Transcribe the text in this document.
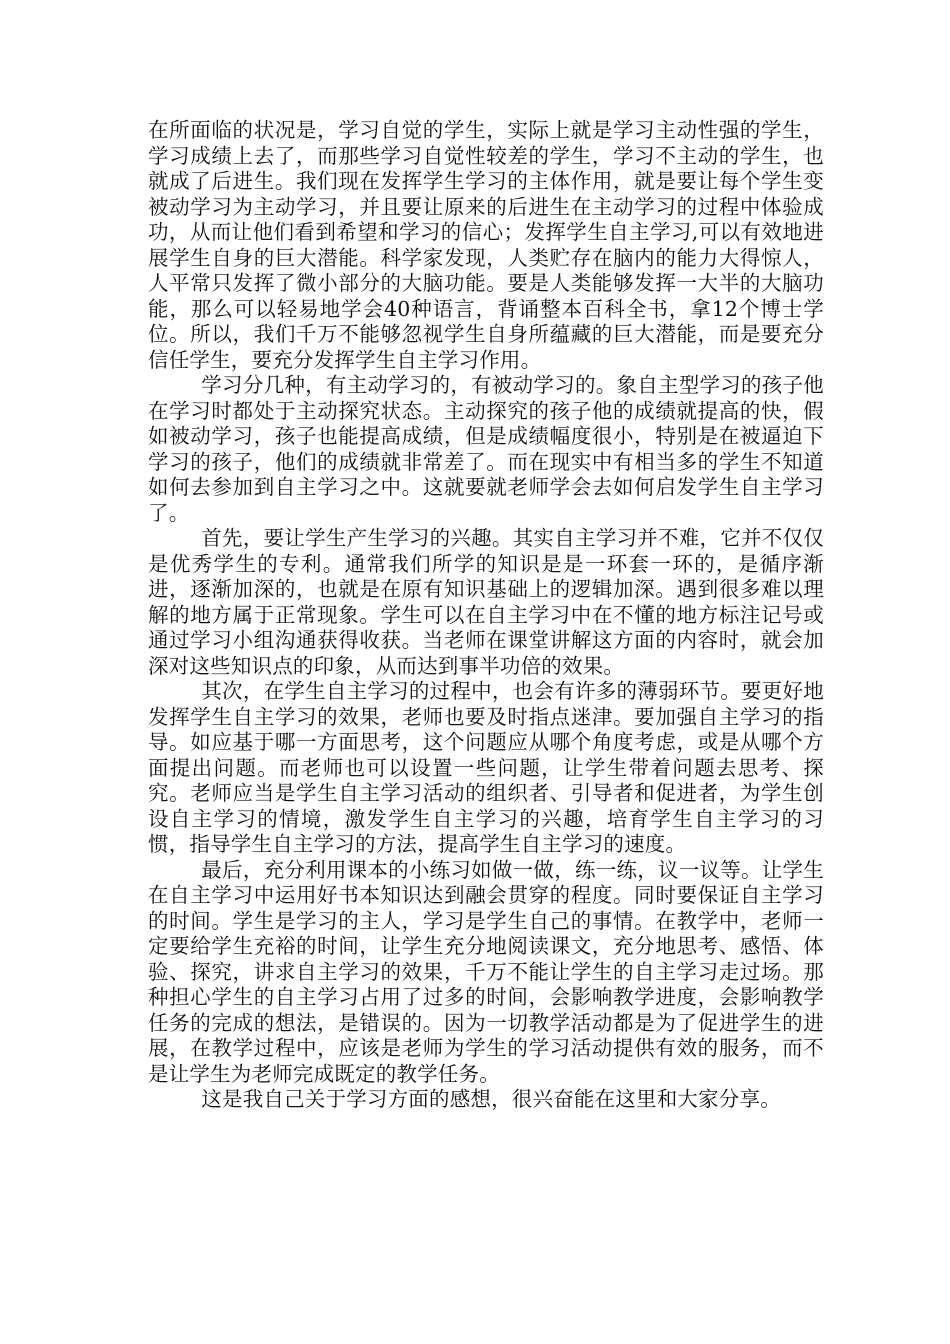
在所面临的状况是，学习自觉的学生，实际上就是学习主动性强的学生，学习成绩上去了，而那些学习自觉性较差的学生，学习不主动的学生，也就成了后进生。我们现在发挥学生学习的主体作用，就是要让每个学生变被动学习为主动学习，并且要让原来的后进生在主动学习的过程中体验成功，从而让他们看到希望和学习的信心；发挥学生自主学习,可以有效地进展学生自身的巨大潜能。科学家发现，人类贮存在脑内的能力大得惊人，人平常只发挥了微小部分的大脑功能。要是人类能够发挥一大半的大脑功能，那么可以轻易地学会40种语言，背诵整本百科全书，拿12个博士学位。所以，我们千万不能够忽视学生自身所蕴藏的巨大潜能，而是要充分信任学生，要充分发挥学生自主学习作用。

学习分几种，有主动学习的，有被动学习的。象自主型学习的孩子他在学习时都处于主动探究状态。主动探究的孩子他的成绩就提高的快，假如被动学习，孩子也能提高成绩，但是成绩幅度很小，特别是在被逼迫下学习的孩子，他们的成绩就非常差了。而在现实中有相当多的学生不知道如何去参加到自主学习之中。这就要就老师学会去如何启发学生自主学习了。

首先，要让学生产生学习的兴趣。其实自主学习并不难，它并不仅仅是优秀学生的专利。通常我们所学的知识是是一环套一环的，是循序渐进，逐渐加深的，也就是在原有知识基础上的逻辑加深。遇到很多难以理解的地方属于正常现象。学生可以在自主学习中在不懂的地方标注记号或通过学习小组沟通获得收获。当老师在课堂讲解这方面的内容时，就会加深对这些知识点的印象，从而达到事半功倍的效果。

其次，在学生自主学习的过程中，也会有许多的薄弱环节。要更好地发挥学生自主学习的效果，老师也要及时指点迷津。要加强自主学习的指导。如应基于哪一方面思考，这个问题应从哪个角度考虑，或是从哪个方面提出问题。而老师也可以设置一些问题，让学生带着问题去思考、探究。老师应当是学生自主学习活动的组织者、引导者和促进者，为学生创设自主学习的情境，激发学生自主学习的兴趣，培育学生自主学习的习惯，指导学生自主学习的方法，提高学生自主学习的速度。

最后，充分利用课本的小练习如做一做，练一练，议一议等。让学生在自主学习中运用好书本知识达到融会贯穿的程度。同时要保证自主学习的时间。学生是学习的主人，学习是学生自己的事情。在教学中，老师一定要给学生充裕的时间，让学生充分地阅读课文，充分地思考、感悟、体验、探究，讲求自主学习的效果，千万不能让学生的自主学习走过场。那种担心学生的自主学习占用了过多的时间，会影响教学进度，会影响教学任务的完成的想法，是错误的。因为一切教学活动都是为了促进学生的进展，在教学过程中，应该是老师为学生的学习活动提供有效的服务，而不是让学生为老师完成既定的教学任务。

这是我自己关于学习方面的感想，很兴奋能在这里和大家分享。
